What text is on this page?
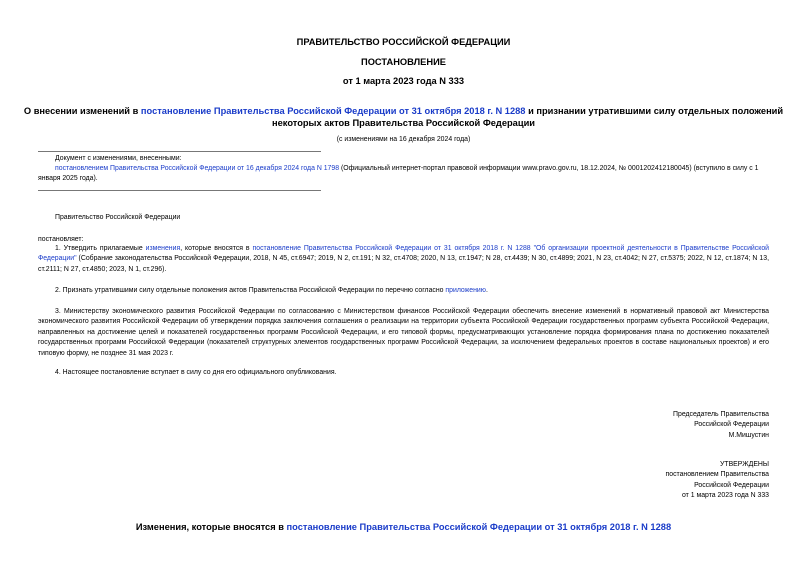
ПРАВИТЕЛЬСТВО РОССИЙСКОЙ ФЕДЕРАЦИИ
ПОСТАНОВЛЕНИЕ
от 1 марта 2023 года N 333
О внесении изменений в постановление Правительства Российской Федерации от 31 октября 2018 г. N 1288 и признании утратившими силу отдельных положений
некоторых актов Правительства Российской Федерации
(с изменениями на 16 декабря 2024 года)
Документ с изменениями, внесенными:
постановлением Правительства Российской Федерации от 16 декабря 2024 года N 1798 (Официальный интернет-портал правовой информации www.pravo.gov.ru, 18.12.2024, № 0001202412180045) (вступило в силу с 1 января 2025 года).
Правительство Российской Федерации
постановляет:
1. Утвердить прилагаемые изменения, которые вносятся в постановление Правительства Российской Федерации от 31 октября 2018 г. N 1288 "Об организации проектной деятельности в Правительстве Российской Федерации" (Собрание законодательства Российской Федерации, 2018, N 45, ст.6947; 2019, N 2, ст.191; N 32, ст.4708; 2020, N 13, ст.1947; N 28, ст.4439; N 30, ст.4899; 2021, N 23, ст.4042; N 27, ст.5375; 2022, N 12, ст.1874; N 13, ст.2111; N 27, ст.4850; 2023, N 1, ст.296).
2. Признать утратившими силу отдельные положения актов Правительства Российской Федерации по перечню согласно приложению.
3. Министерству экономического развития Российской Федерации по согласованию с Министерством финансов Российской Федерации обеспечить внесение изменений в нормативный правовой акт Министерства экономического развития Российской Федерации об утверждении порядка заключения соглашения о реализации на территории субъекта Российской Федерации государственных программ субъекта Российской Федерации, направленных на достижение целей и показателей государственных программ Российской Федерации, и его типовой формы, предусматривающих установление порядка формирования плана по достижению показателей государственных программ Российской Федерации (показателей структурных элементов государственных программ Российской Федерации, за исключением федеральных проектов в составе национальных проектов) и его типовую форму, не позднее 31 мая 2023 г.
4. Настоящее постановление вступает в силу со дня его официального опубликования.
Председатель Правительства
Российской Федерации
М.Мишустин
УТВЕРЖДЕНЫ
постановлением Правительства
Российской Федерации
от 1 марта 2023 года N 333
Изменения, которые вносятся в постановление Правительства Российской Федерации от 31 октября 2018 г. N 1288
